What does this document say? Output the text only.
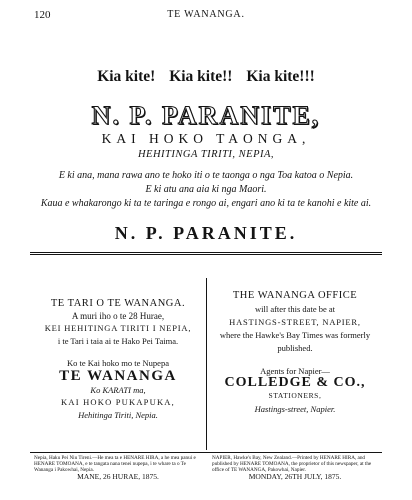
120	TE WANANGA.
Kia kite! Kia kite!! Kia kite!!!
N. P. PARANITE,
KAI HOKO TAONGA,
HEHITINGA TIRITI, NEPIA,
E ki ana, mana rawa ano te hoko iti o te taonga o nga Toa katoa o Nepia.
E ki atu ana aia ki nga Maori.
Kaua e whakarongo ki ta te taringa e rongo ai, engari ano ki ta te kanohi e kite ai.
N. P. PARANITE.
TE TARI O TE WANANGA.
A muri iho o te 28 Hurae,
KEI HEHITINGA TIRITI I NEPIA,
i te Tari i taia ai te Hako Pei Taima.
Ko te Kai hoko mo te Nupepa
TE WANANGA
Ko KARATI ma,
KAI HOKO PUKAPUKA,
Hehitinga Tiriti, Nepia.
THE WANANGA OFFICE
will after this date be at
HASTINGS-STREET, NAPIER,
where the Hawke's Bay Times was formerly
published.
Agents for Napier—
COLLEDGE & CO.,
STATIONERS,
Hastings-street, Napier.
Nepia, Haku Pei Niu Tireni.—He mea ta e HENARE HIRA, a he mea panui e HENARE TOMOANA, e te tangata nana tenei nupepa, i te whare ta o Te Wananga i Pakowhai, Nepia.
NAPIER, Hawke's Bay, New Zealand.—Printed by HENARE HIRA, and published by HENARE TOMOANA, the proprietor of this newspaper, at the office of TE WANANGA, Pakowhai, Napier.
MANE, 26 HURAE, 1875.	MONDAY, 26TH JULY, 1875.
